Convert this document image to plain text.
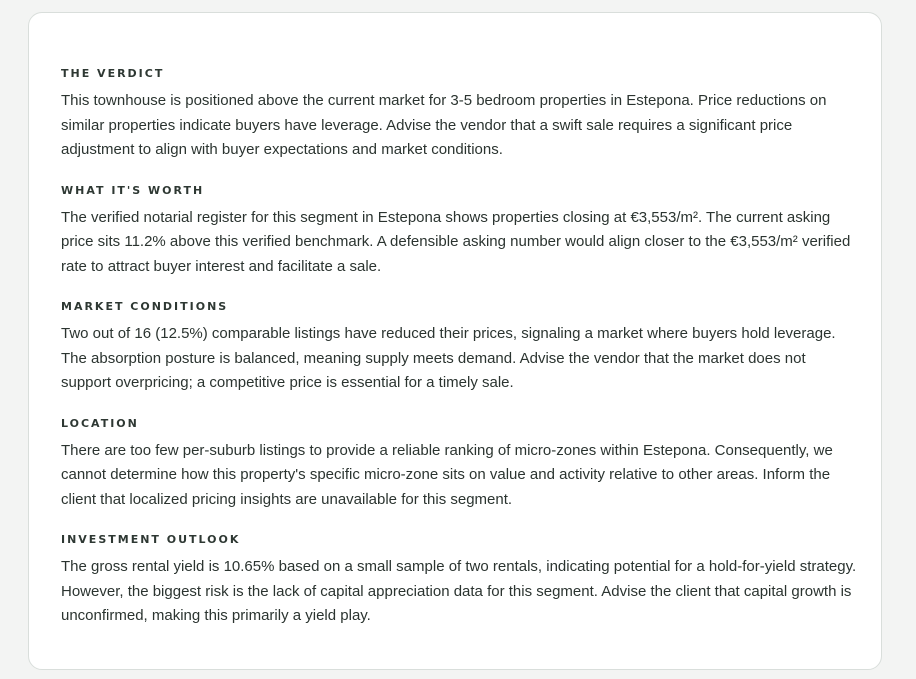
THE VERDICT

This townhouse is positioned above the current market for 3-5 bedroom properties in Estepona. Price reductions on similar properties indicate buyers have leverage. Advise the vendor that a swift sale requires a significant price adjustment to align with buyer expectations and market conditions.

WHAT IT'S WORTH

The verified notarial register for this segment in Estepona shows properties closing at €3,553/m². The current asking price sits 11.2% above this verified benchmark. A defensible asking number would align closer to the €3,553/m² verified rate to attract buyer interest and facilitate a sale.

MARKET CONDITIONS

Two out of 16 (12.5%) comparable listings have reduced their prices, signaling a market where buyers hold leverage. The absorption posture is balanced, meaning supply meets demand. Advise the vendor that the market does not support overpricing; a competitive price is essential for a timely sale.

LOCATION

There are too few per-suburb listings to provide a reliable ranking of micro-zones within Estepona. Consequently, we cannot determine how this property's specific micro-zone sits on value and activity relative to other areas. Inform the client that localized pricing insights are unavailable for this segment.

INVESTMENT OUTLOOK

The gross rental yield is 10.65% based on a small sample of two rentals, indicating potential for a hold-for-yield strategy. However, the biggest risk is the lack of capital appreciation data for this segment. Advise the client that capital growth is unconfirmed, making this primarily a yield play.
